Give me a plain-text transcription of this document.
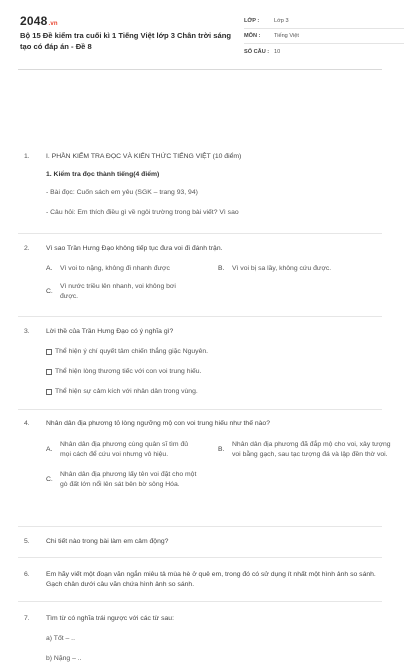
2048.vn
Bộ 15 Đề kiểm tra cuối kì 1 Tiếng Việt lớp 3 Chân trời sáng tạo có đáp án - Đề 8
LỚP :	Lớp 3
MÔN :	Tiếng Việt
SỐ CÂU : 10
1.	I. PHẦN KIỂM TRA ĐỌC VÀ KIẾN THỨC TIẾNG VIỆT (10 điểm)
1. Kiểm tra đọc thành tiếng(4 điểm)
- Bài đọc: Cuốn sách em yêu (SGK – trang 93, 94)
- Câu hỏi: Em thích điều gì về ngôi trường trong bài viết? Vì sao
2.	Vì sao Trần Hưng Đạo không tiếp tục đưa voi đi đánh trận.
A.	Vì voi to nặng, không đi nhanh được	B.	Vì voi bị sa lầy, không cứu được.
C.
Vì nước triều lên nhanh, voi không bơi được.
3.	Lời thề của Trần Hưng Đạo có ý nghĩa gì?
Thể hiện ý chí quyết tâm chiến thắng giặc Nguyên.
Thể hiện lòng thương tiếc với con voi trung hiếu.
Thể hiện sự cảm kích với nhân dân trong vùng.
4.	Nhân dân địa phương tỏ lòng ngưỡng mộ con voi trung hiếu như thế nào?
A.
Nhân dân địa phương cùng quân sĩ tìm đủ mọi cách để cứu voi nhưng vô hiệu.
B.
Nhân dân địa phương đã đắp mộ cho voi, xây tượng voi bằng gạch, sau tạc tượng đá và lập đền thờ voi.
C.
Nhân dân địa phương lấy tên voi đặt cho một gò đất lớn nổi lên sát bên bờ sông Hóa.
5.	Chi tiết nào trong bài làm em cảm động?
6.	Em hãy viết một đoạn văn ngắn miêu tả mùa hè ở quê em, trong đó có sử dụng ít nhất một hình ảnh so sánh. Gạch chân dưới câu văn chứa hình ảnh so sánh.
7.	Tìm từ có nghĩa trái ngược với các từ sau:
a) Tốt – ..
b) Nặng – ..
